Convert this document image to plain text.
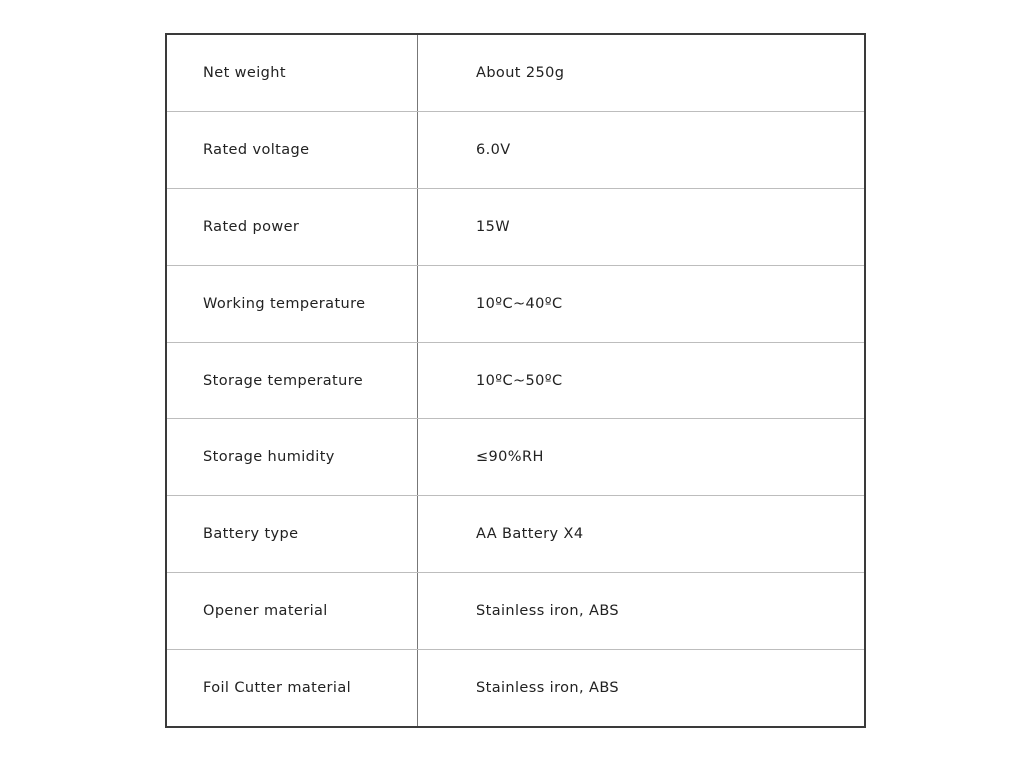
Net weight	About 250g
Rated voltage	6.0V
Rated power	15W
Working temperature	10ºC~40ºC
Storage temperature	10ºC~50ºC
Storage humidity	≤90%RH
Battery type	AA Battery X4
Opener material	Stainless iron, ABS
Foil Cutter material	Stainless iron, ABS
